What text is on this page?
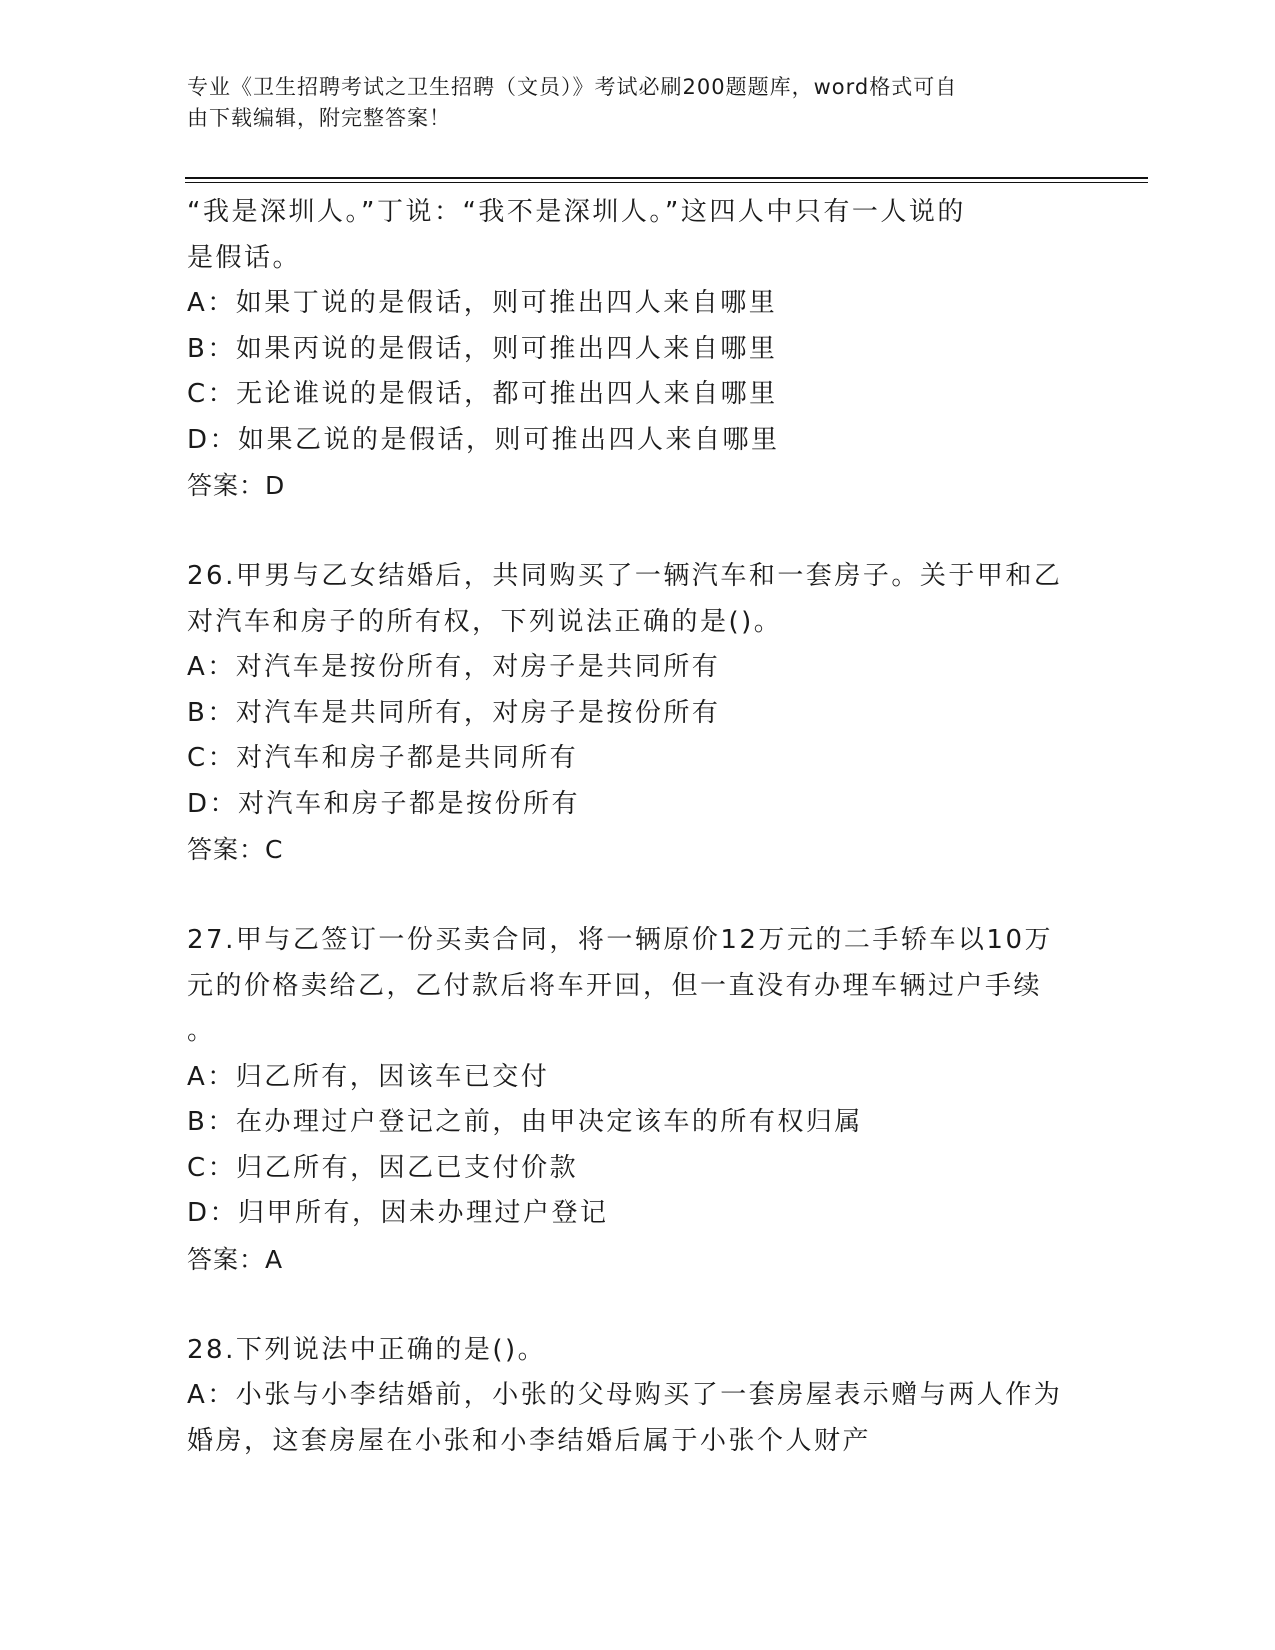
专业《卫生招聘考试之卫生招聘（文员）》考试必刷200题题库，word格式可自
由下载编辑，附完整答案！
“我是深圳人。”丁说：“我不是深圳人。”这四人中只有一人说的
是假话。
A：如果丁说的是假话，则可推出四人来自哪里
B：如果丙说的是假话，则可推出四人来自哪里
C：无论谁说的是假话，都可推出四人来自哪里
D：如果乙说的是假话，则可推出四人来自哪里
答案：D
26.甲男与乙女结婚后，共同购买了一辆汽车和一套房子。关于甲和乙
对汽车和房子的所有权，下列说法正确的是()。
A：对汽车是按份所有，对房子是共同所有
B：对汽车是共同所有，对房子是按份所有
C：对汽车和房子都是共同所有
D：对汽车和房子都是按份所有
答案：C
27.甲与乙签订一份买卖合同，将一辆原价12万元的二手轿车以10万
元的价格卖给乙，乙付款后将车开回，但一直没有办理车辆过户手续
。
A：归乙所有，因该车已交付
B：在办理过户登记之前，由甲决定该车的所有权归属
C：归乙所有，因乙已支付价款
D：归甲所有，因未办理过户登记
答案：A
28.下列说法中正确的是()。
A：小张与小李结婚前，小张的父母购买了一套房屋表示赠与两人作为
婚房，这套房屋在小张和小李结婚后属于小张个人财产
